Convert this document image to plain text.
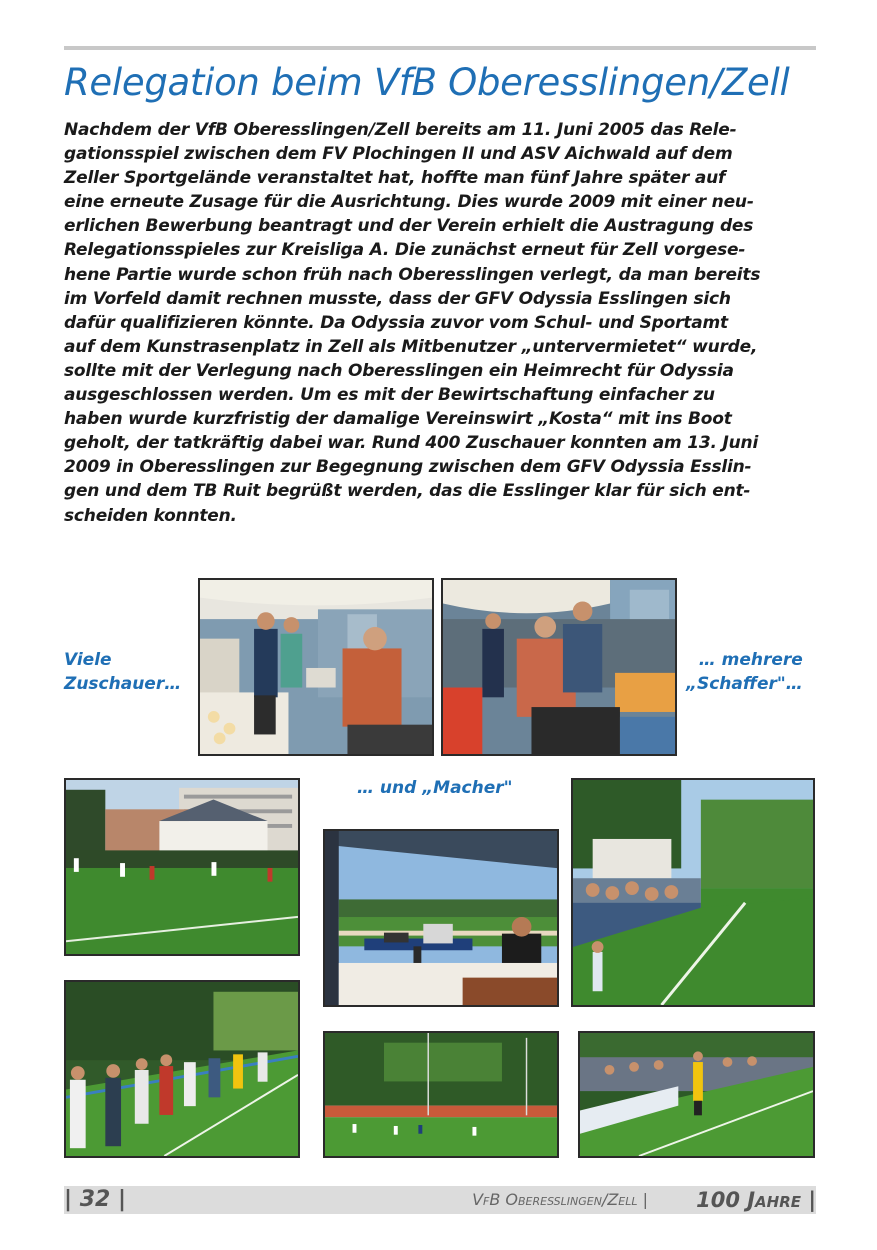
Relegation beim VfB Oberesslingen/Zell
Nachdem der VfB Oberesslingen/Zell bereits am 11. Juni 2005 das Rele-
gationsspiel zwischen dem FV Plochingen II und ASV Aichwald auf dem
Zeller Sportgelände veranstaltet hat, hoffte man fünf Jahre später auf
eine erneute Zusage für die Ausrichtung. Dies wurde 2009 mit einer neu-
erlichen Bewerbung beantragt und der Verein erhielt die Austragung des
Relegationsspieles zur Kreisliga A. Die zunächst erneut für Zell vorgese-
hene Partie wurde schon früh nach Oberesslingen verlegt, da man bereits
im Vorfeld damit rechnen musste, dass der GFV Odyssia Esslingen sich
dafür qualifizieren könnte. Da Odyssia zuvor vom Schul- und Sportamt
auf dem Kunstrasenplatz in Zell als Mitbenutzer „untervermietet“ wurde,
sollte mit der Verlegung nach Oberesslingen ein Heimrecht für Odyssia
ausgeschlossen werden. Um es mit der Bewirtschaftung einfacher zu
haben wurde kurzfristig der damalige Vereinswirt „Kosta“ mit ins Boot
geholt, der tatkräftig dabei war. Rund 400 Zuschauer konnten am 13. Juni
2009 in Oberesslingen zur Begegnung zwischen dem GFV Odyssia Esslin-
gen und dem TB Ruit begrüßt werden, das die Esslinger klar für sich ent-
scheiden konnten.
Viele
Zuschauer…
… mehrere
„Schaffer"…
… und „Macher"
| 32 |	VfB Oberesslingen/Zell | 100 Jahre |
